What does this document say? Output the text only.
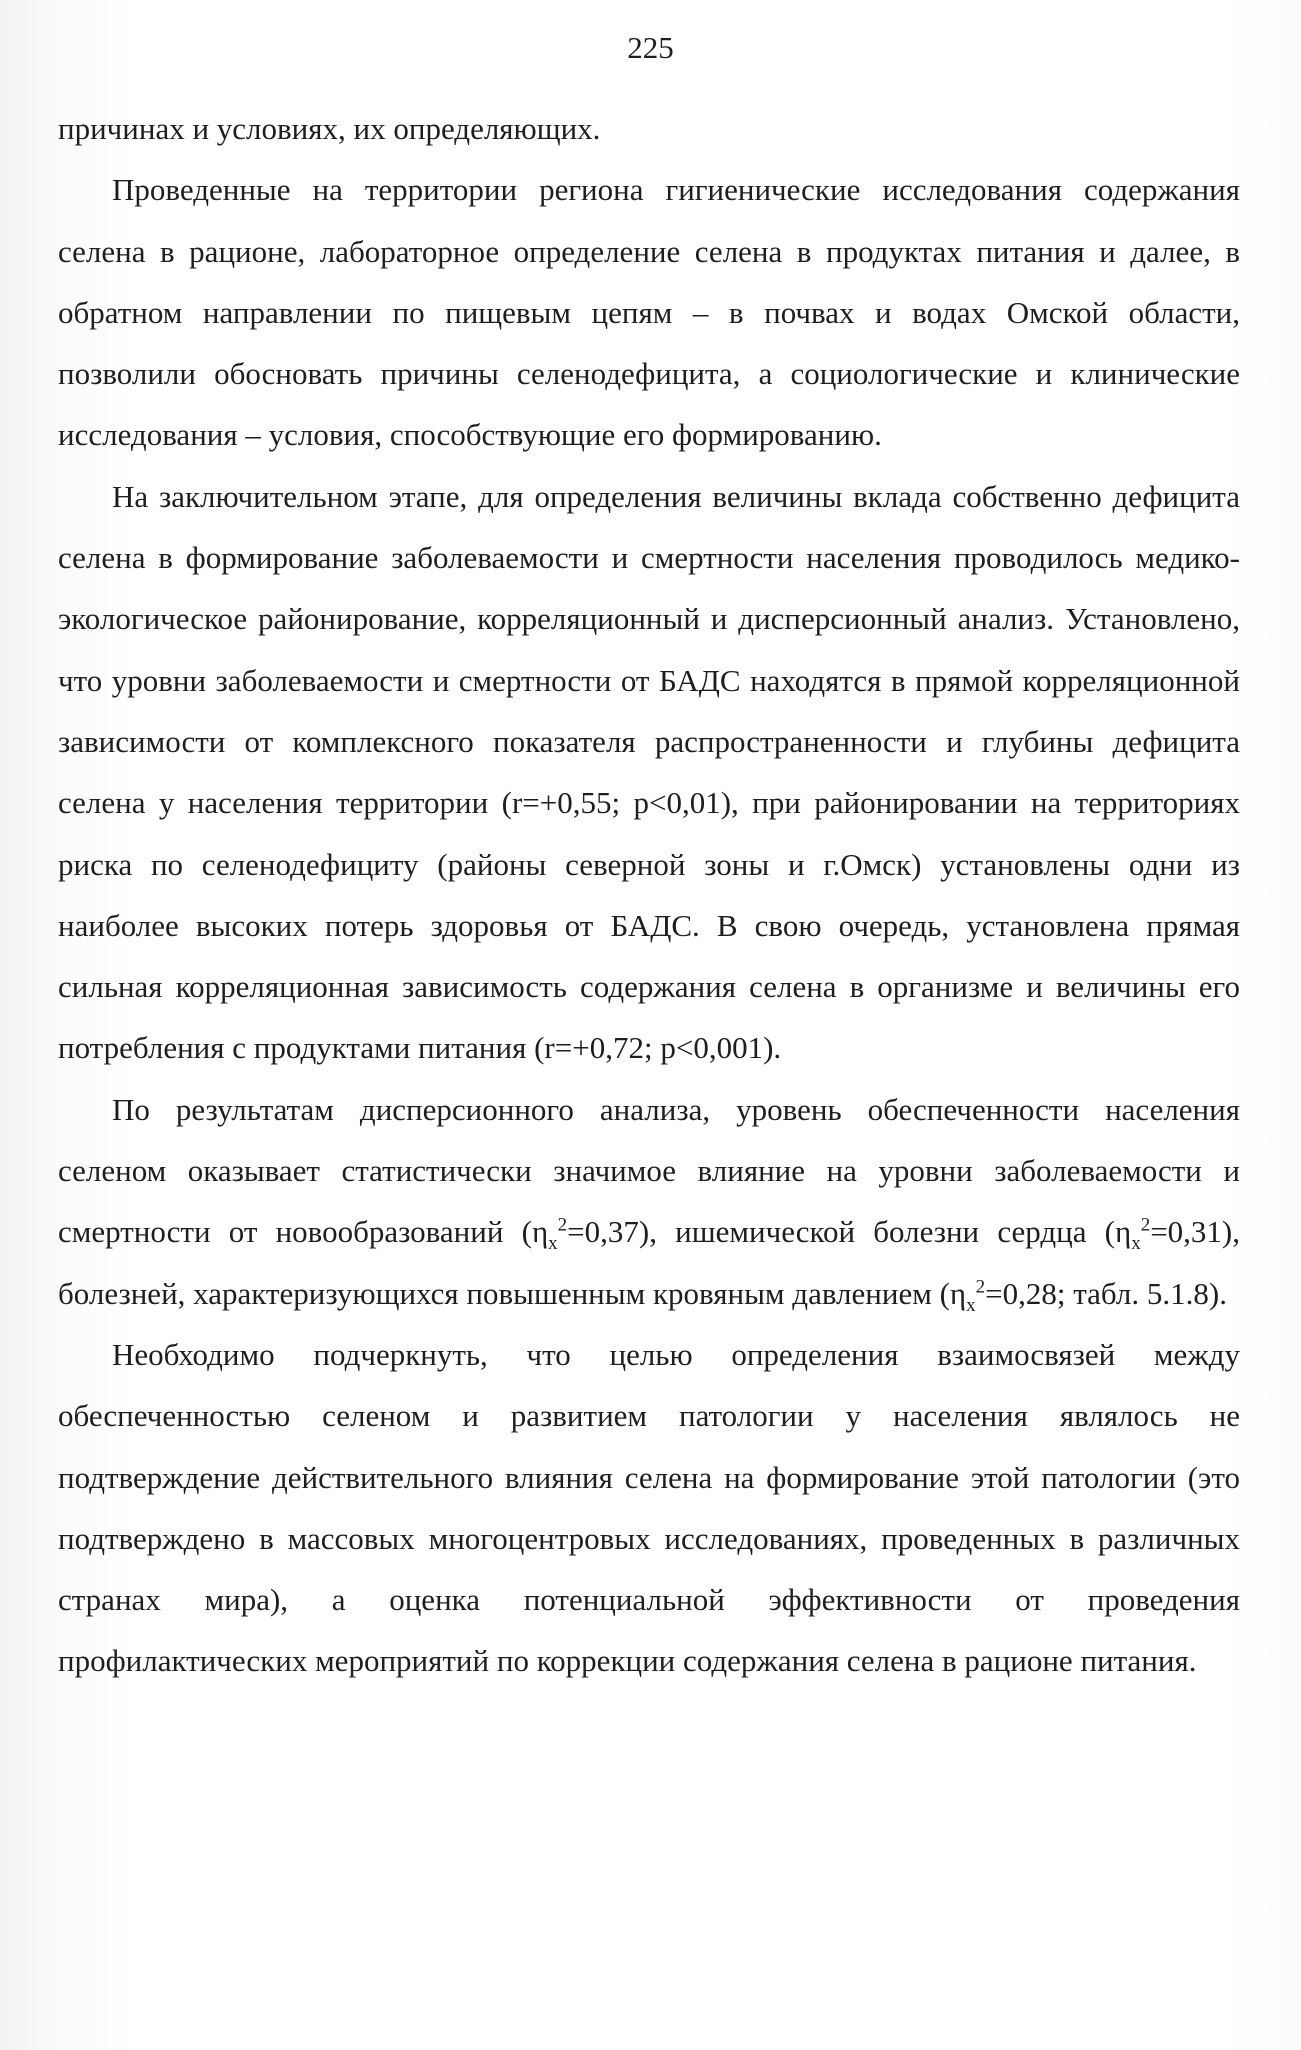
225

причинах и условиях, их определяющих.

Проведенные на территории региона гигиенические исследования содержания селена в рационе, лабораторное определение селена в продуктах питания и далее, в обратном направлении по пищевым цепям – в почвах и водах Омской области, позволили обосновать причины селенодефицита, а социологические и клинические исследования – условия, способствующие его формированию.

На заключительном этапе, для определения величины вклада собственно дефицита селена в формирование заболеваемости и смертности населения проводилось медико-экологическое районирование, корреляционный и дисперсионный анализ. Установлено, что уровни заболеваемости и смертности от БАДС находятся в прямой корреляционной зависимости от комплексного показателя распространенности и глубины дефицита селена у населения территории (r=+0,55; p<0,01), при районировании на территориях риска по селенодефициту (районы северной зоны и г.Омск) установлены одни из наиболее высоких потерь здоровья от БАДС. В свою очередь, установлена прямая сильная корреляционная зависимость содержания селена в организме и величины его потребления с продуктами питания (r=+0,72; p<0,001).

По результатам дисперсионного анализа, уровень обеспеченности населения селеном оказывает статистически значимое влияние на уровни заболеваемости и смертности от новообразований $(\eta_x^2=0,37)$, ишемической болезни сердца $(\eta_x^2=0,31)$, болезней, характеризующихся повышенным кровяным давлением ($\eta_x^2=0,28$; табл. 5.1.8).

Необходимо подчеркнуть, что целью определения взаимосвязей между обеспеченностью селеном и развитием патологии у населения являлось не подтверждение действительного влияния селена на формирование этой патологии (это подтверждено в массовых многоцентровых исследованиях, проведенных в различных странах мира), а оценка потенциальной эффективности от проведения профилактических мероприятий по коррекции содержания селена в рационе питания.
